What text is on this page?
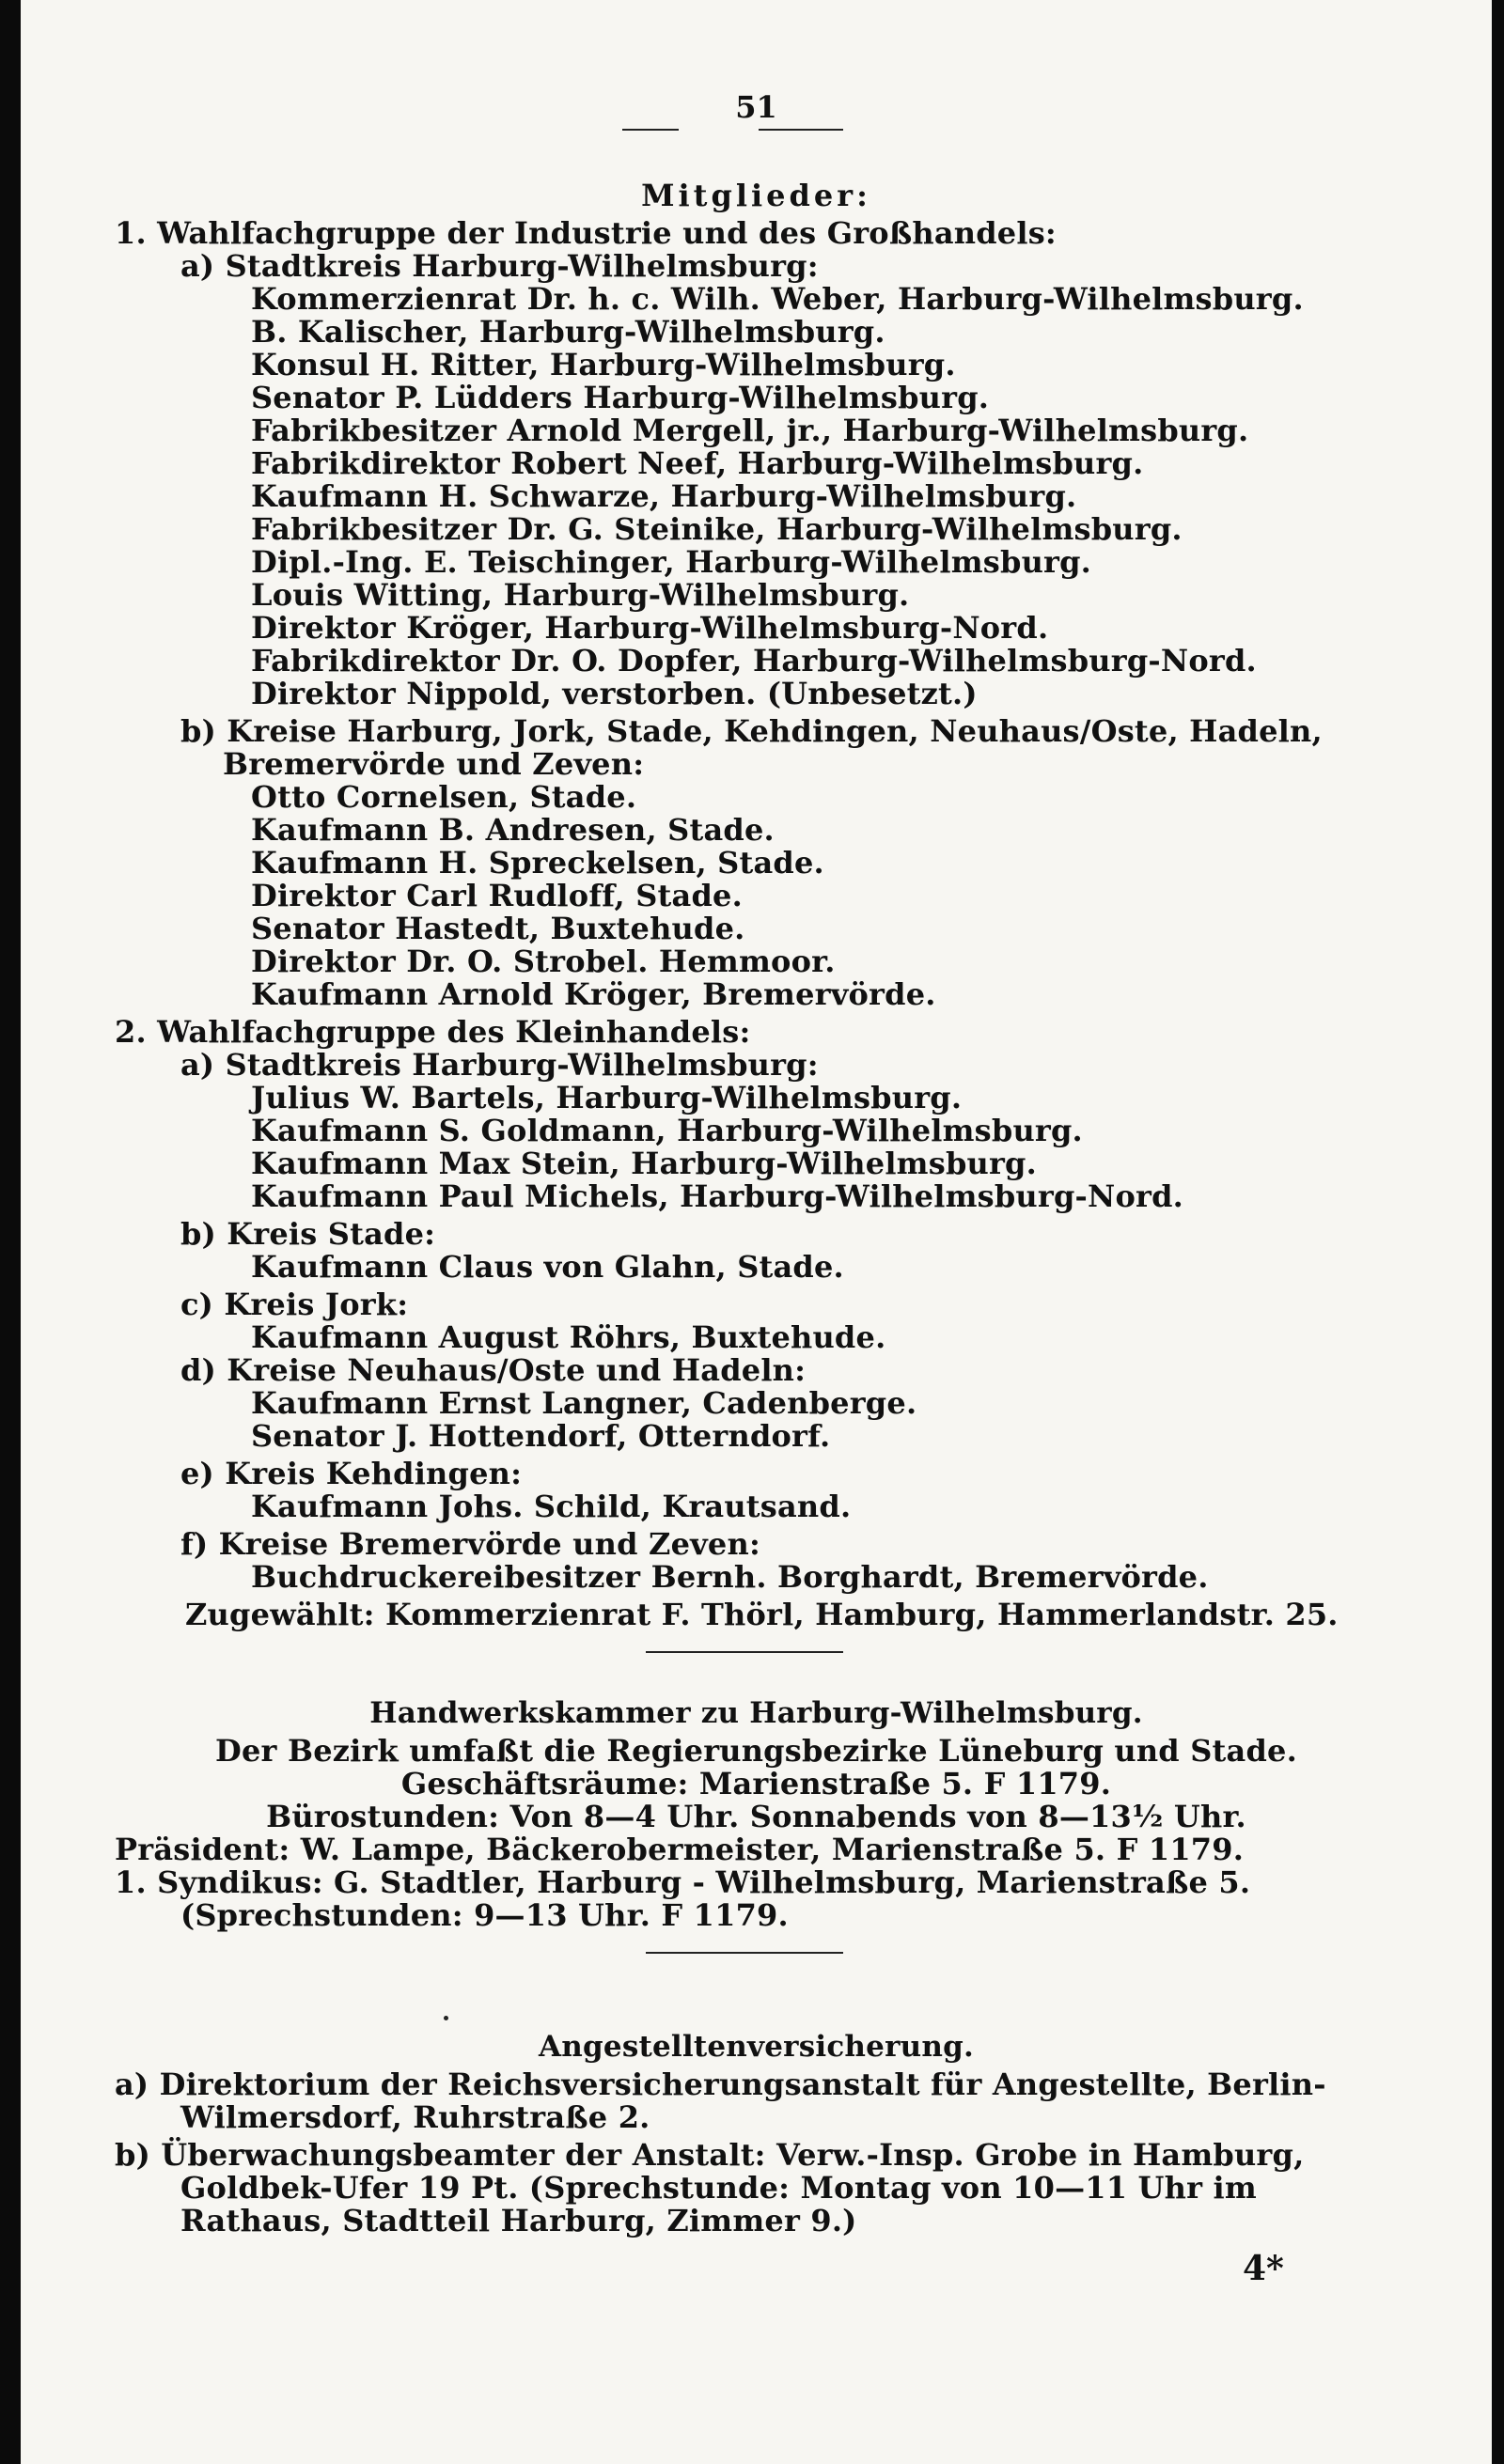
51
Mitglieder:
1. Wahlfachgruppe der Industrie und des Großhandels:
a) Stadtkreis Harburg-Wilhelmsburg:
Kommerzienrat Dr. h. c. Wilh. Weber, Harburg-Wilhelmsburg.
B. Kalischer, Harburg-Wilhelmsburg.
Konsul H. Ritter, Harburg-Wilhelmsburg.
Senator P. Lüdders Harburg-Wilhelmsburg.
Fabrikbesitzer Arnold Mergell, jr., Harburg-Wilhelmsburg.
Fabrikdirektor Robert Neef, Harburg-Wilhelmsburg.
Kaufmann H. Schwarze, Harburg-Wilhelmsburg.
Fabrikbesitzer Dr. G. Steinike, Harburg-Wilhelmsburg.
Dipl.-Ing. E. Teischinger, Harburg-Wilhelmsburg.
Louis Witting, Harburg-Wilhelmsburg.
Direktor Kröger, Harburg-Wilhelmsburg-Nord.
Fabrikdirektor Dr. O. Dopfer, Harburg-Wilhelmsburg-Nord.
Direktor Nippold, verstorben. (Unbesetzt.)
b) Kreise Harburg, Jork, Stade, Kehdingen, Neuhaus/Oste, Hadeln,
Bremervörde und Zeven:
Otto Cornelsen, Stade.
Kaufmann B. Andresen, Stade.
Kaufmann H. Spreckelsen, Stade.
Direktor Carl Rudloff, Stade.
Senator Hastedt, Buxtehude.
Direktor Dr. O. Strobel. Hemmoor.
Kaufmann Arnold Kröger, Bremervörde.
2. Wahlfachgruppe des Kleinhandels:
a) Stadtkreis Harburg-Wilhelmsburg:
Julius W. Bartels, Harburg-Wilhelmsburg.
Kaufmann S. Goldmann, Harburg-Wilhelmsburg.
Kaufmann Max Stein, Harburg-Wilhelmsburg.
Kaufmann Paul Michels, Harburg-Wilhelmsburg-Nord.
b) Kreis Stade:
Kaufmann Claus von Glahn, Stade.
c) Kreis Jork:
Kaufmann August Röhrs, Buxtehude.
d) Kreise Neuhaus/Oste und Hadeln:
Kaufmann Ernst Langner, Cadenberge.
Senator J. Hottendorf, Otterndorf.
e) Kreis Kehdingen:
Kaufmann Johs. Schild, Krautsand.
f) Kreise Bremervörde und Zeven:
Buchdruckereibesitzer Bernh. Borghardt, Bremervörde.
Zugewählt: Kommerzienrat F. Thörl, Hamburg, Hammerlandstr. 25.
Handwerkskammer zu Harburg-Wilhelmsburg.
Der Bezirk umfaßt die Regierungsbezirke Lüneburg und Stade.
Geschäftsräume: Marienstraße 5. F 1179.
Bürostunden: Von 8—4 Uhr. Sonnabends von 8—13½ Uhr.
Präsident: W. Lampe, Bäckerobermeister, Marienstraße 5. F 1179.
1. Syndikus: G. Stadtler, Harburg - Wilhelmsburg, Marienstraße 5.
(Sprechstunden: 9—13 Uhr. F 1179.
Angestelltenversicherung.
a) Direktorium der Reichsversicherungsanstalt für Angestellte, Berlin-
Wilmersdorf, Ruhrstraße 2.
b) Überwachungsbeamter der Anstalt: Verw.-Insp. Grobe in Hamburg,
Goldbek-Ufer 19 Pt. (Sprechstunde: Montag von 10—11 Uhr im
Rathaus, Stadtteil Harburg, Zimmer 9.)
4*
